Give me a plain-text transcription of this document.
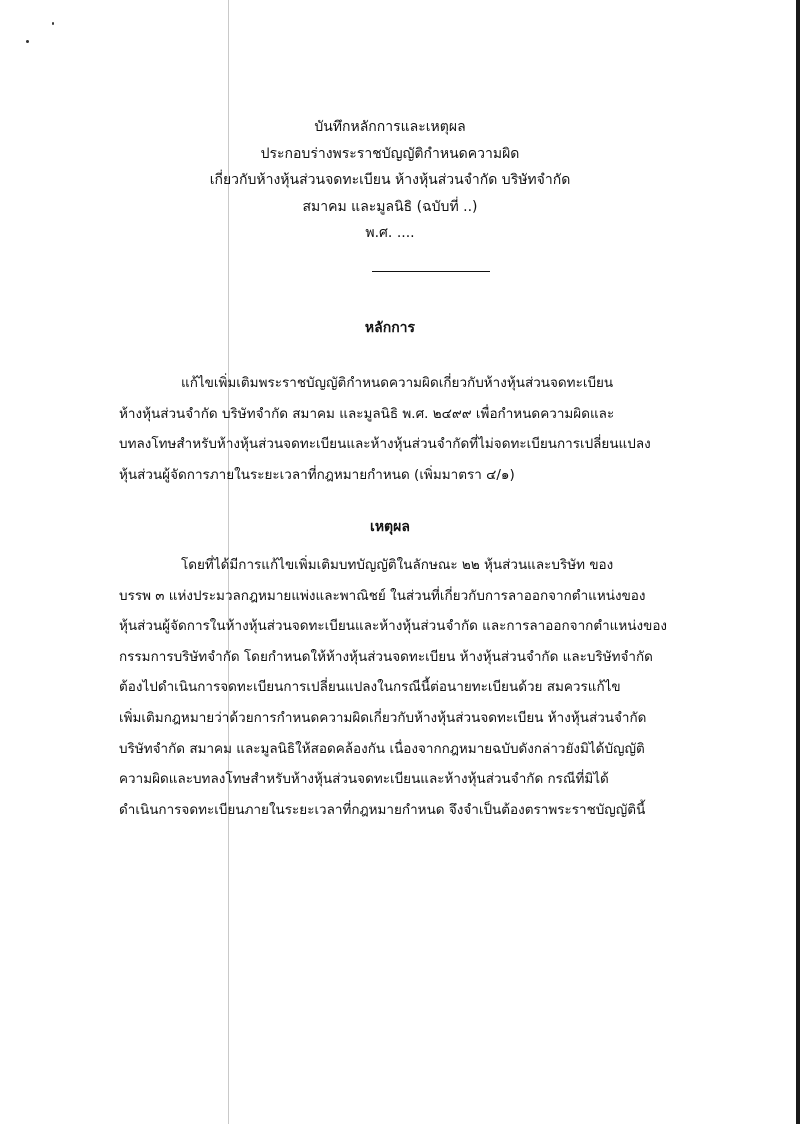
บันทึกหลักการและเหตุผล
ประกอบร่างพระราชบัญญัติกำหนดความผิด
เกี่ยวกับห้างหุ้นส่วนจดทะเบียน ห้างหุ้นส่วนจำกัด บริษัทจำกัด
สมาคม และมูลนิธิ (ฉบับที่ ..)
พ.ศ. ....
หลักการ
แก้ไขเพิ่มเติมพระราชบัญญัติกำหนดความผิดเกี่ยวกับห้างหุ้นส่วนจดทะเบียน
ห้างหุ้นส่วนจำกัด บริษัทจำกัด สมาคม และมูลนิธิ พ.ศ. ๒๔๙๙ เพื่อกำหนดความผิดและ
บทลงโทษสำหรับห้างหุ้นส่วนจดทะเบียนและห้างหุ้นส่วนจำกัดที่ไม่จดทะเบียนการเปลี่ยนแปลง
หุ้นส่วนผู้จัดการภายในระยะเวลาที่กฎหมายกำหนด (เพิ่มมาตรา ๔/๑)
เหตุผล
โดยที่ได้มีการแก้ไขเพิ่มเติมบทบัญญัติในลักษณะ ๒๒ หุ้นส่วนและบริษัท ของ
บรรพ ๓ แห่งประมวลกฎหมายแพ่งและพาณิชย์ ในส่วนที่เกี่ยวกับการลาออกจากตำแหน่งของ
หุ้นส่วนผู้จัดการในห้างหุ้นส่วนจดทะเบียนและห้างหุ้นส่วนจำกัด และการลาออกจากตำแหน่งของ
กรรมการบริษัทจำกัด โดยกำหนดให้ห้างหุ้นส่วนจดทะเบียน ห้างหุ้นส่วนจำกัด และบริษัทจำกัด
ต้องไปดำเนินการจดทะเบียนการเปลี่ยนแปลงในกรณีนี้ต่อนายทะเบียนด้วย สมควรแก้ไข
เพิ่มเติมกฎหมายว่าด้วยการกำหนดความผิดเกี่ยวกับห้างหุ้นส่วนจดทะเบียน ห้างหุ้นส่วนจำกัด
บริษัทจำกัด สมาคม และมูลนิธิให้สอดคล้องกัน เนื่องจากกฎหมายฉบับดังกล่าวยังมิได้บัญญัติ
ความผิดและบทลงโทษสำหรับห้างหุ้นส่วนจดทะเบียนและห้างหุ้นส่วนจำกัด กรณีที่มิได้
ดำเนินการจดทะเบียนภายในระยะเวลาที่กฎหมายกำหนด จึงจำเป็นต้องตราพระราชบัญญัตินี้
